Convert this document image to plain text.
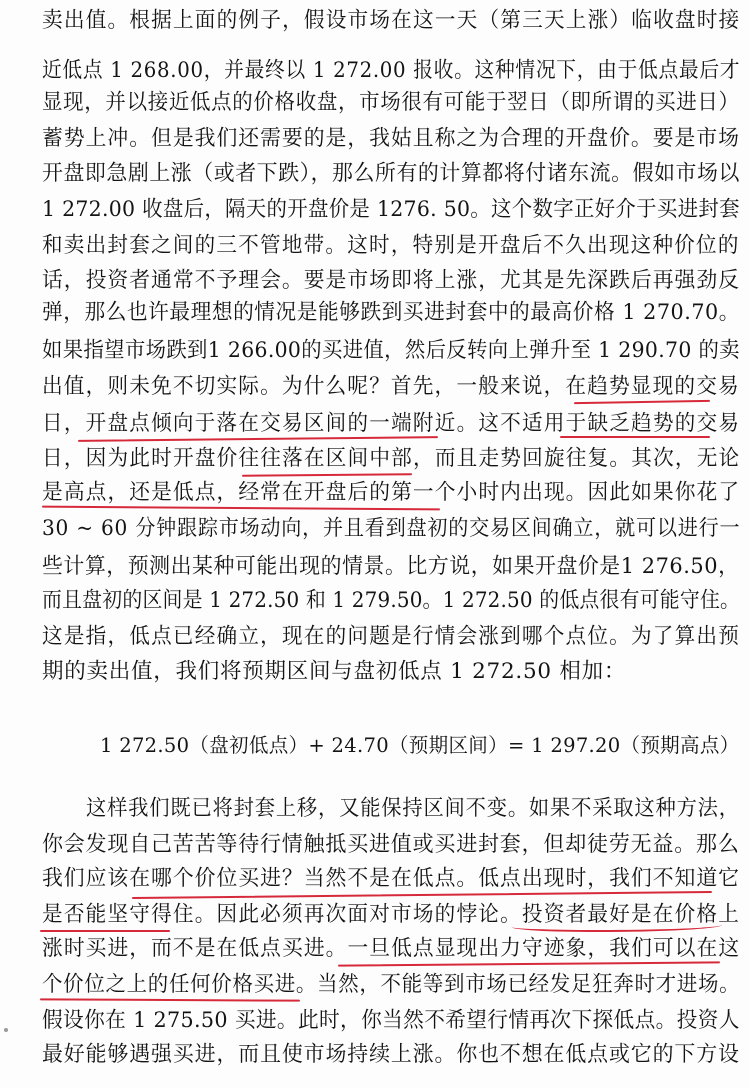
卖出值。根据上面的例子，假设市场在这一天（第三天上涨）临收盘时接
近低点 1 268.00，并最终以 1 272.00 报收。这种情况下，由于低点最后才
显现，并以接近低点的价格收盘，市场很有可能于翌日（即所谓的买进日）
蓄势上冲。但是我们还需要的是，我姑且称之为合理的开盘价。要是市场
开盘即急剧上涨（或者下跌），那么所有的计算都将付诸东流。假如市场以
1 272.00 收盘后，隔天的开盘价是 1276. 50。这个数字正好介于买进封套
和卖出封套之间的三不管地带。这时，特别是开盘后不久出现这种价位的
话，投资者通常不予理会。要是市场即将上涨，尤其是先深跌后再强劲反
弹，那么也许最理想的情况是能够跌到买进封套中的最高价格 1 270.70。
如果指望市场跌到1 266.00的买进值，然后反转向上弹升至 1 290.70 的卖
出值，则未免不切实际。为什么呢？首先，一般来说，在趋势显现的交易
日，开盘点倾向于落在交易区间的一端附近。这不适用于缺乏趋势的交易
日，因为此时开盘价往往落在区间中部，而且走势回旋往复。其次，无论
是高点，还是低点，经常在开盘后的第一个小时内出现。因此如果你花了
30 ~ 60 分钟跟踪市场动向，并且看到盘初的交易区间确立，就可以进行一
些计算，预测出某种可能出现的情景。比方说，如果开盘价是1 276.50，
而且盘初的区间是 1 272.50 和 1 279.50。1 272.50 的低点很有可能守住。
这是指，低点已经确立，现在的问题是行情会涨到哪个点位。为了算出预
期的卖出值，我们将预期区间与盘初低点 1 272.50 相加：
1 272.50（盘初低点）+ 24.70（预期区间）= 1 297.20（预期高点）
这样我们既已将封套上移，又能保持区间不变。如果不采取这种方法，
你会发现自己苦苦等待行情触抵买进值或买进封套，但却徒劳无益。那么
我们应该在哪个价位买进？当然不是在低点。低点出现时，我们不知道它
是否能坚守得住。因此必须再次面对市场的悖论。投资者最好是在价格上
涨时买进，而不是在低点买进。一旦低点显现出力守迹象，我们可以在这
个价位之上的任何价格买进。当然，不能等到市场已经发足狂奔时才进场。
假设你在 1 275.50 买进。此时，你当然不希望行情再次下探低点。投资人
最好能够遇强买进，而且使市场持续上涨。你也不想在低点或它的下方设
